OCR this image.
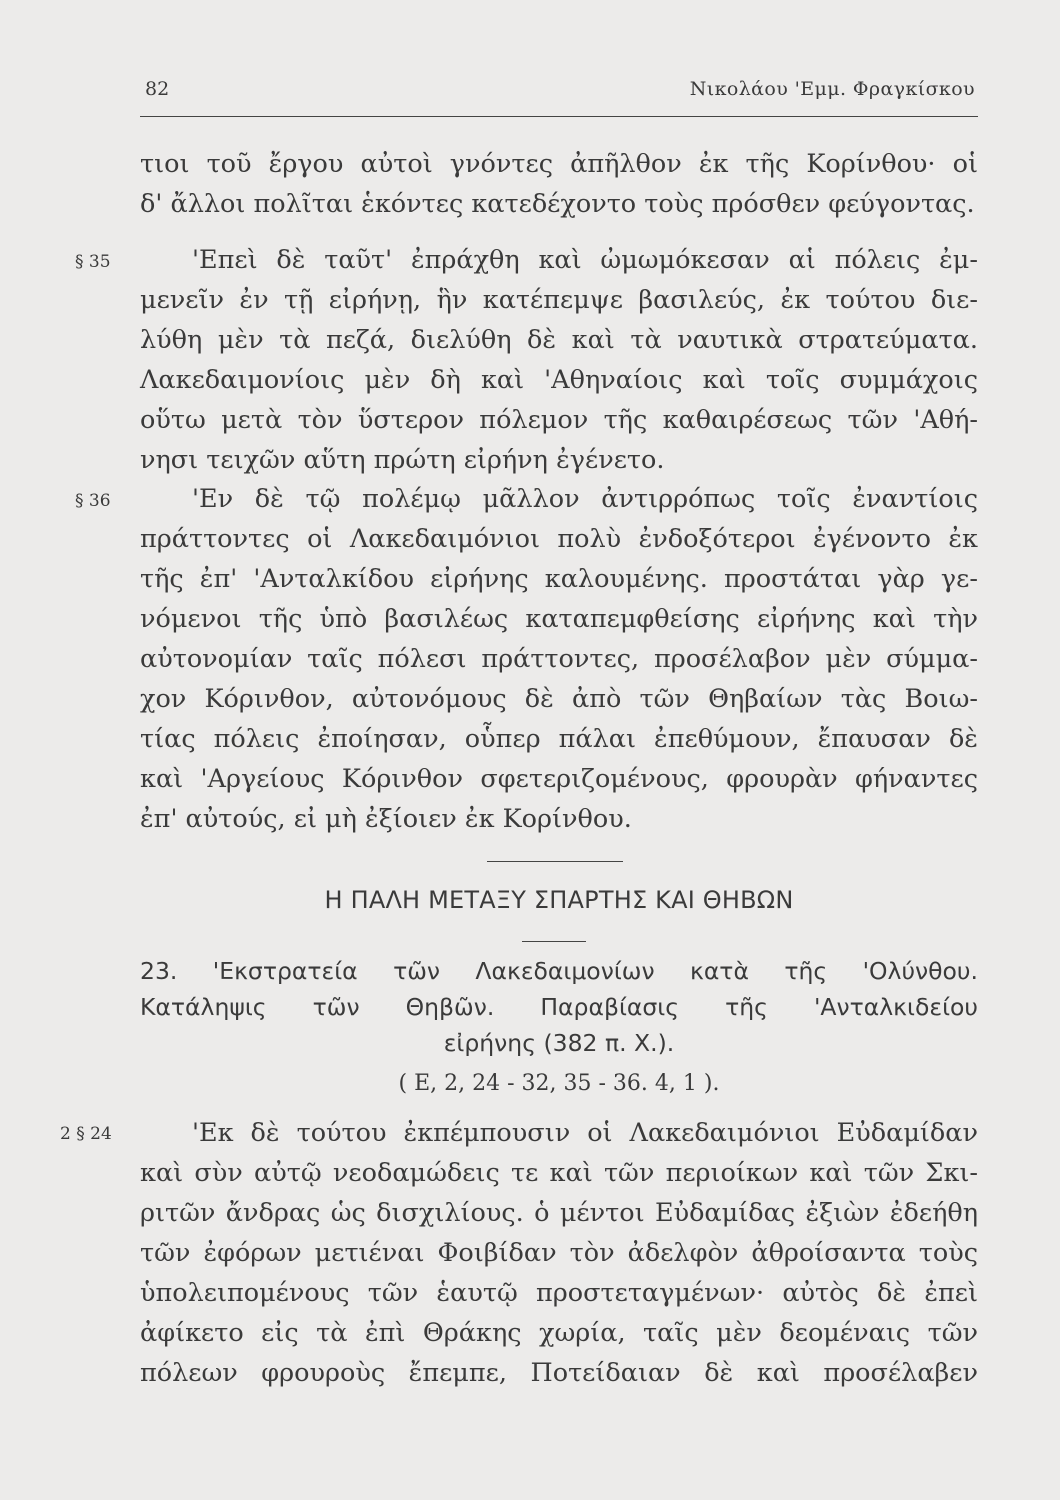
82	Νικολάου 'Εμμ. Φραγκίσκου
§ 35
§ 36
2 § 24
τιοι τοῦ ἔργου αὐτοὶ γνόντες ἀπῆλθον ἐκ τῆς Κορίνθου· οἱ
δ' ἄλλοι πολῖται ἑκόντες κατεδέχοντο τοὺς πρόσθεν φεύγοντας.
'Επεὶ δὲ ταῦτ' ἐπράχθη καὶ ὠμωμόκεσαν αἱ πόλεις ἐμ-
μενεῖν ἐν τῇ εἰρήνῃ, ἣν κατέπεμψε βασιλεύς, ἐκ τούτου διε-
λύθη μὲν τὰ πεζά, διελύθη δὲ καὶ τὰ ναυτικὰ στρατεύματα.
Λακεδαιμονίοις μὲν δὴ καὶ 'Αθηναίοις καὶ τοῖς συμμάχοις
οὕτω μετὰ τὸν ὕστερον πόλεμον τῆς καθαιρέσεως τῶν 'Αθή-
νησι τειχῶν αὕτη πρώτη εἰρήνη ἐγένετο.
'Εν δὲ τῷ πολέμῳ μᾶλλον ἀντιρρόπως τοῖς ἐναντίοις
πράττοντες οἱ Λακεδαιμόνιοι πολὺ ἐνδοξότεροι ἐγένοντο ἐκ
τῆς ἐπ' 'Ανταλκίδου εἰρήνης καλουμένης. προστάται γὰρ γε-
νόμενοι τῆς ὑπὸ βασιλέως καταπεμφθείσης εἰρήνης καὶ τὴν
αὐτονομίαν ταῖς πόλεσι πράττοντες, προσέλαβον μὲν σύμμα-
χον Κόρινθον, αὐτονόμους δὲ ἀπὸ τῶν Θηβαίων τὰς Βοιω-
τίας πόλεις ἐποίησαν, οὗπερ πάλαι ἐπεθύμουν, ἔπαυσαν δὲ
καὶ 'Αργείους Κόρινθον σφετεριζομένους, φρουρὰν φήναντες
ἐπ' αὐτούς, εἰ μὴ ἐξίοιεν ἐκ Κορίνθου.
Η ΠΑΛΗ ΜΕΤΑΞΥ ΣΠΑΡΤΗΣ ΚΑΙ ΘΗΒΩΝ
23. 'Εκστρατεία τῶν Λακεδαιμονίων κατὰ τῆς 'Ολύνθου.
Κατάληψις τῶν Θηβῶν. Παραβίασις τῆς 'Ανταλκιδείου
εἰρήνης (382 π. Χ.).
( Ε, 2, 24 - 32, 35 - 36. 4, 1 ).
'Εκ δὲ τούτου ἐκπέμπουσιν οἱ Λακεδαιμόνιοι Εὐδαμίδαν
καὶ σὺν αὐτῷ νεοδαμώδεις τε καὶ τῶν περιοίκων καὶ τῶν Σκι-
ριτῶν ἄνδρας ὡς δισχιλίους. ὁ μέντοι Εὐδαμίδας ἐξιὼν ἐδεήθη
τῶν ἐφόρων μετιέναι Φοιβίδαν τὸν ἀδελφὸν ἀθροίσαντα τοὺς
ὑπολειπομένους τῶν ἑαυτῷ προστεταγμένων· αὐτὸς δὲ ἐπεὶ
ἀφίκετο εἰς τὰ ἐπὶ Θράκης χωρία, ταῖς μὲν δεομέναις τῶν
πόλεων φρουροὺς ἔπεμπε, Ποτείδαιαν δὲ καὶ προσέλαβεν
